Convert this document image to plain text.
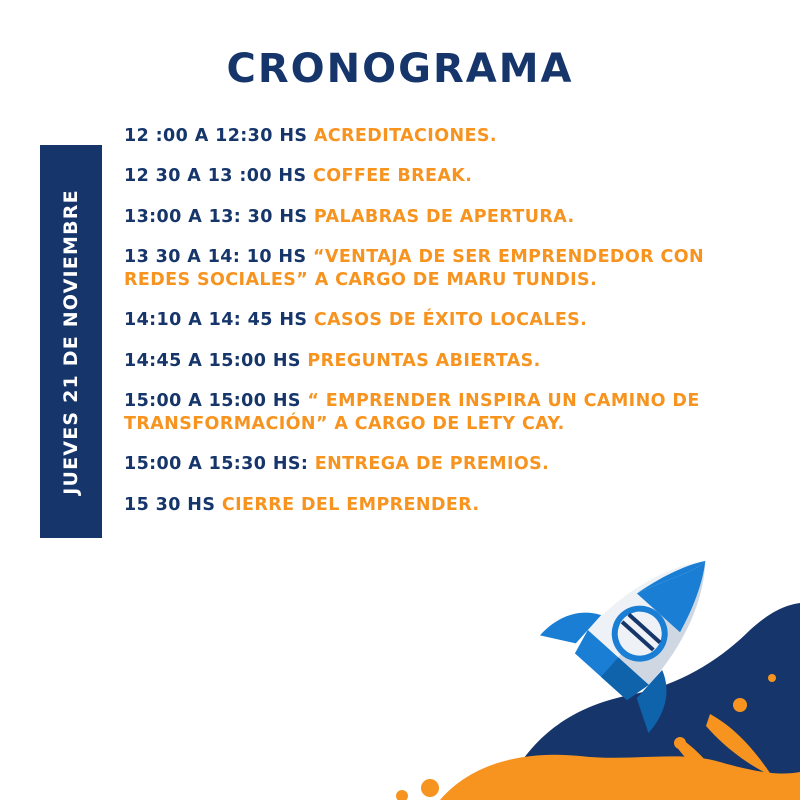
CRONOGRAMA
JUEVES 21 DE NOVIEMBRE
12 :00 A 12:30 HS ACREDITACIONES.
12 30 A 13 :00 HS COFFEE BREAK.
13:00 A 13: 30 HS PALABRAS DE APERTURA.
13 30 A 14: 10 HS “VENTAJA DE SER EMPRENDEDOR CON REDES SOCIALES” A CARGO DE MARU TUNDIS.
14:10 A 14: 45 HS CASOS DE ÉXITO LOCALES.
14:45 A 15:00 HS PREGUNTAS ABIERTAS.
15:00 A 15:00 HS “ EMPRENDER INSPIRA UN CAMINO DE TRANSFORMACIÓN” A CARGO DE LETY CAY.
15:00 A 15:30 HS: ENTREGA DE PREMIOS.
15 30 HS CIERRE DEL EMPRENDER.
